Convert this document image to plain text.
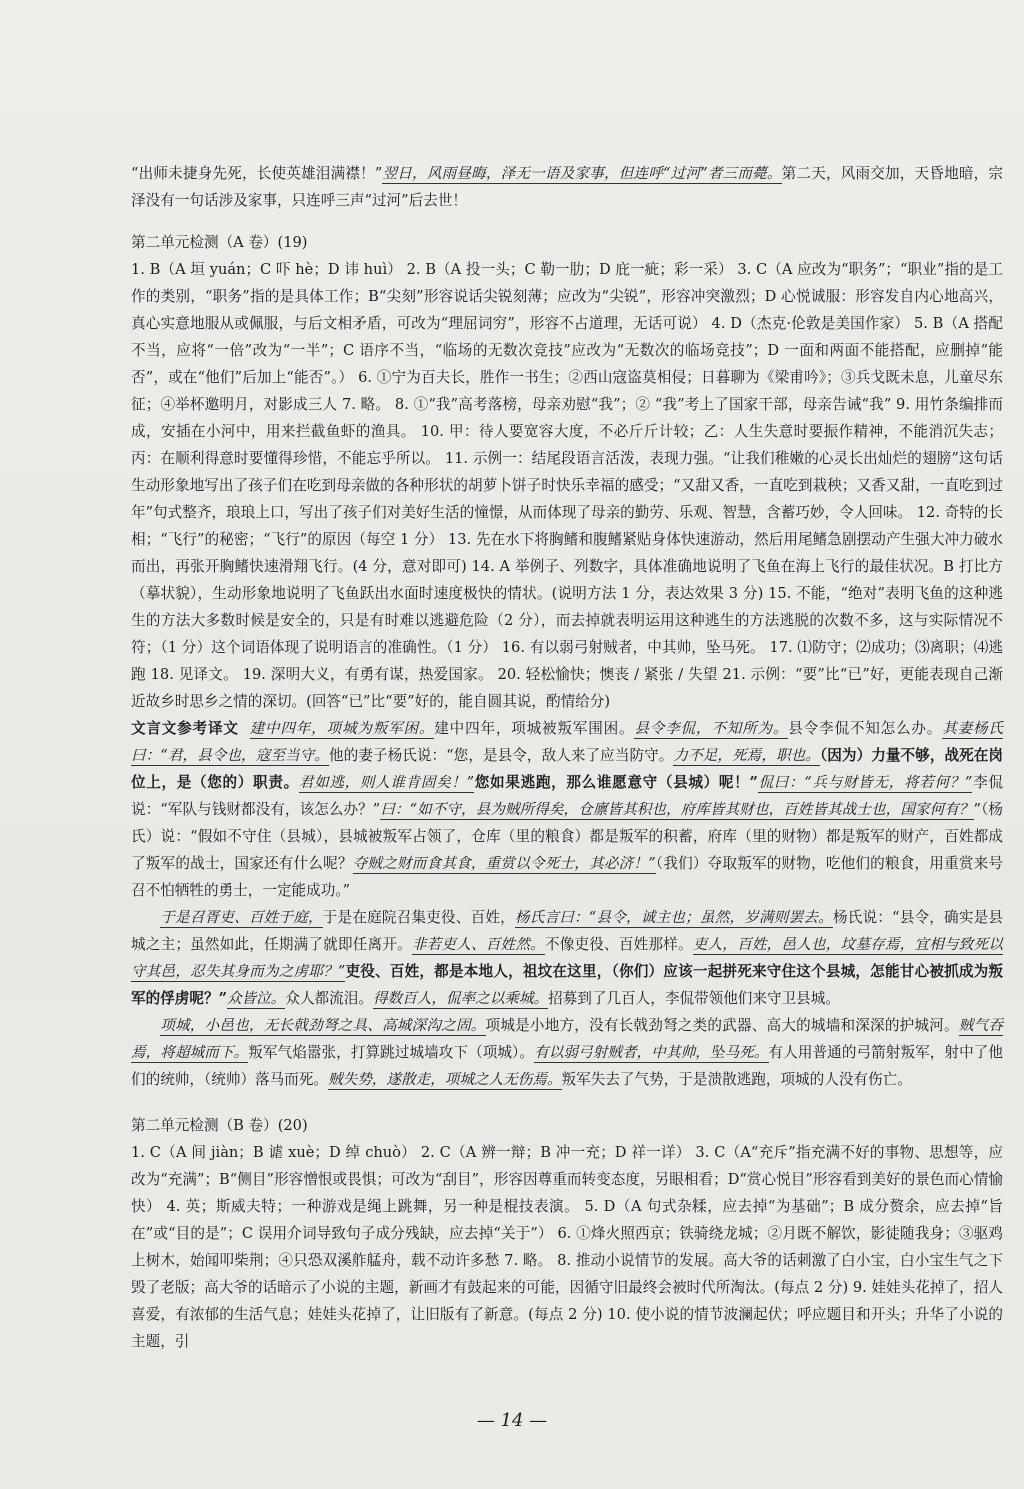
“出师未捷身先死，长使英雄泪满襟！”翌日，风雨昼晦，泽无一语及家事，但连呼“过河”者三而薨。第二天，风雨交加，天昏地暗，宗泽没有一句话涉及家事，只连呼三声“过河”后去世！

第二单元检测（A 卷）(19)

1. B（A 垣 yuán；C 吓 hè；D 讳 huì） 2. B（A 投一头；C 勒一肋；D 庇一疵；彩一采） 3. C（A 应改为“职务”；“职业”指的是工作的类别，“职务”指的是具体工作；B“尖刻”形容说话尖锐刻薄；应改为“尖锐”，形容冲突激烈；D 心悦诚服：形容发自内心地高兴，真心实意地服从或佩服，与后文相矛盾，可改为“理屈词穷”，形容不占道理，无话可说） 4. D（杰克·伦敦是美国作家） 5. B（A 搭配不当，应将“一倍”改为“一半”；C 语序不当，“临场的无数次竞技”应改为“无数次的临场竞技”；D 一面和两面不能搭配，应删掉“能否”，或在“他们”后加上“能否”。） 6. ①宁为百夫长，胜作一书生；②西山寇盗莫相侵；日暮聊为《梁甫吟》；③兵戈既未息，儿童尽东征；④举杯邀明月，对影成三人 7. 略。 8. ①“我”高考落榜，母亲劝慰“我”；② “我”考上了国家干部，母亲告诫“我” 9. 用竹条编排而成，安插在小河中，用来拦截鱼虾的渔具。 10. 甲：待人要宽容大度，不必斤斤计较；乙：人生失意时要振作精神，不能消沉失志；丙：在顺利得意时要懂得珍惜，不能忘乎所以。 11. 示例一：结尾段语言活泼，表现力强。“让我们稚嫩的心灵长出灿烂的翅膀”这句话生动形象地写出了孩子们在吃到母亲做的各种形状的胡萝卜饼子时快乐幸福的感受；“又甜又香，一直吃到栽秧；又香又甜，一直吃到过年”句式整齐，琅琅上口，写出了孩子们对美好生活的憧憬，从而体现了母亲的勤劳、乐观、智慧，含蓄巧妙，令人回味。 12. 奇特的长相；“飞行”的秘密；“飞行”的原因（每空 1 分） 13. 先在水下将胸鳍和腹鳍紧贴身体快速游动，然后用尾鳍急剧摆动产生强大冲力破水而出，再张开胸鳍快速滑翔飞行。(4 分，意对即可) 14. A 举例子、列数字，具体准确地说明了飞鱼在海上飞行的最佳状况。B 打比方（摹状貌），生动形象地说明了飞鱼跃出水面时速度极快的情状。(说明方法 1 分，表达效果 3 分) 15. 不能，“绝对”表明飞鱼的这种逃生的方法大多数时候是安全的，只是有时难以逃避危险（2 分），而去掉就表明运用这种逃生的方法逃脱的次数不多，这与实际情况不符；（1 分）这个词语体现了说明语言的准确性。（1 分） 16. 有以弱弓射贼者，中其帅，坠马死。 17. ⑴防守；⑵成功；⑶离职；⑷逃跑 18. 见译文。 19. 深明大义，有勇有谋，热爱国家。 20. 轻松愉快；懊丧 / 紧张 / 失望 21. 示例：“要”比“已”好，更能表现自己渐近故乡时思乡之情的深切。(回答“已”比“要”好的，能自圆其说，酌情给分)

文言文参考译文 建中四年，项城为叛军困。建中四年，项城被叛军围困。县令李侃，不知所为。县令李侃不知怎么办。其妻杨氏曰：“君，县令也，寇至当守。他的妻子杨氏说：“您，是县令，敌人来了应当防守。力不足，死焉，职也。（因为）力量不够，战死在岗位上，是（您的）职责。君如逃，则人谁肯固矣！”您如果逃跑，那么谁愿意守（县城）呢！”侃曰：“兵与财皆无，将若何？”李侃说：“军队与钱财都没有，该怎么办？”曰：“如不守，县为贼所得矣，仓廪皆其积也，府库皆其财也，百姓皆其战士也，国家何有？”（杨氏）说：“假如不守住（县城），县城被叛军占领了，仓库（里的粮食）都是叛军的积蓄，府库（里的财物）都是叛军的财产，百姓都成了叛军的战士，国家还有什么呢？夺贼之财而食其食，重赏以令死士，其必济！”（我们）夺取叛军的财物，吃他们的粮食，用重赏来号召不怕牺牲的勇士，一定能成功。”

于是召胥吏、百姓于庭，于是在庭院召集吏役、百姓，杨氏言曰：“县令，诚主也；虽然，岁满则罢去。杨氏说：“县令，确实是县城之主；虽然如此，任期满了就即任离开。非若吏人、百姓然。不像吏役、百姓那样。吏人，百姓，邑人也，坟墓存焉，宜相与致死以守其邑，忍失其身而为之虏耶？”吏役、百姓，都是本地人，祖坟在这里，（你们）应该一起拼死来守住这个县城，怎能甘心被抓成为叛军的俘虏呢？”众皆泣。众人都流泪。得数百人，侃率之以乘城。招募到了几百人，李侃带领他们来守卫县城。

项城，小邑也，无长戟劲弩之具、高城深沟之固。项城是小地方，没有长戟劲弩之类的武器、高大的城墙和深深的护城河。贼气吞焉，将超城而下。叛军气焰嚣张，打算跳过城墙攻下（项城）。有以弱弓射贼者，中其帅，坠马死。有人用普通的弓箭射叛军，射中了他们的统帅，（统帅）落马而死。贼失势，遂散走，项城之人无伤焉。叛军失去了气势，于是溃散逃跑，项城的人没有伤亡。

第二单元检测（B 卷）(20)

1. C（A 间 jiàn；B 谑 xuè；D 绰 chuò） 2. C（A 辨一辩；B 冲一充；D 祥一详） 3. C（A“充斥”指充满不好的事物、思想等，应改为“充满”；B“侧目”形容憎恨或畏惧；可改为“刮目”，形容因尊重而转变态度，另眼相看；D“赏心悦目”形容看到美好的景色而心情愉快） 4. 英；斯威夫特；一种游戏是绳上跳舞，另一种是棍技表演。 5. D（A 句式杂糅，应去掉“为基础”；B 成分赘余，应去掉“旨在”或“目的是”；C 误用介词导致句子成分残缺，应去掉“关于”） 6. ①烽火照西京；铁骑绕龙城；②月既不解饮，影徒随我身；③驱鸡上树木，始闻叩柴荆；④只恐双溪舴艋舟，载不动许多愁 7. 略。 8. 推动小说情节的发展。高大爷的话刺激了白小宝，白小宝生气之下毁了老版；高大爷的话暗示了小说的主题，新画才有鼓起来的可能，因循守旧最终会被时代所淘汰。(每点 2 分) 9. 娃娃头花掉了，招人喜爱，有浓郁的生活气息；娃娃头花掉了，让旧版有了新意。(每点 2 分) 10. 使小说的情节波澜起伏；呼应题目和开头；升华了小说的主题，引

— 14 —
